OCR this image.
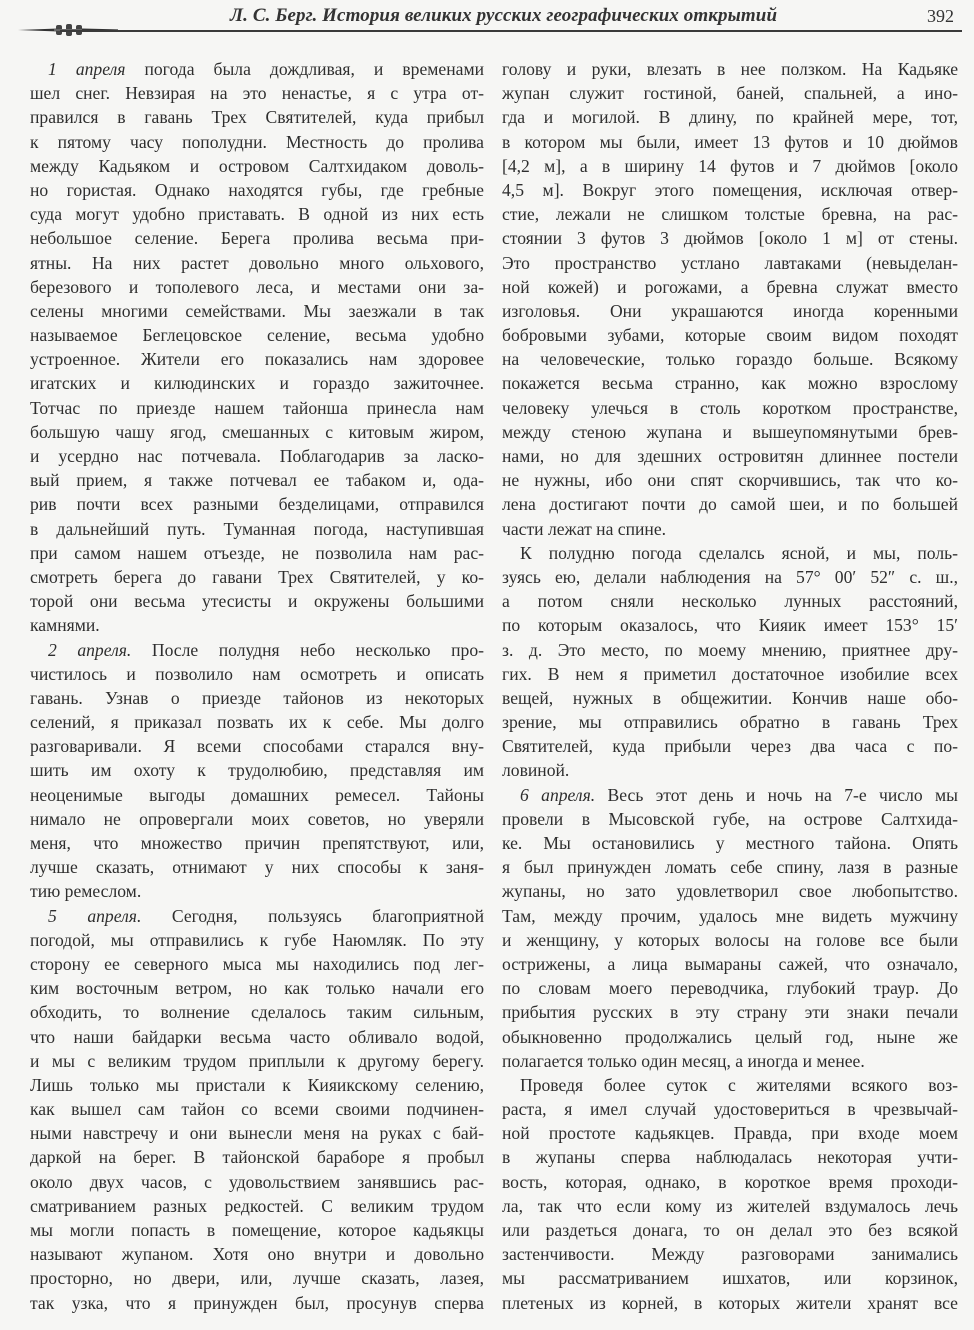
Л. С. Берг. История великих русских географических открытий	392
1 апреля погода была дождливая, и временами
шел снег. Невзирая на это ненастье, я с утра от-
правился в гавань Трех Святителей, куда прибыл
к пятому часу пополудни. Местность до пролива
между Кадьяком и островом Салтхидаком доволь-
но гористая. Однако находятся губы, где гребные
суда могут удобно приставать. В одной из них есть
небольшое селение. Берега пролива весьма при-
ятны. На них растет довольно много ольхового,
березового и тополевого леса, и местами они за-
селены многими семействами. Мы заезжали в так
называемое Беглецовское селение, весьма удобно
устроенное. Жители его показались нам здоровее
игатских и килюдинских и гораздо зажиточнее.
Тотчас по приезде нашем тайонша принесла нам
большую чашу ягод, смешанных с китовым жиром,
и усердно нас потчевала. Поблагодарив за ласко-
вый прием, я также потчевал ее табаком и, ода-
рив почти всех разными безделицами, отправился
в дальнейший путь. Туманная погода, наступившая
при самом нашем отъезде, не позволила нам рас-
смотреть берега до гавани Трех Святителей, у ко-
торой они весьма утесисты и окружены большими
камнями.
2 апреля. После полудня небо несколько про-
чистилось и позволило нам осмотреть и описать
гавань. Узнав о приезде тайонов из некоторых
селений, я приказал позвать их к себе. Мы долго
разговаривали. Я всеми способами старался вну-
шить им охоту к трудолюбию, представляя им
неоценимые выгоды домашних ремесел. Тайоны
нимало не опровергали моих советов, но уверяли
меня, что множество причин препятствуют, или,
лучше сказать, отнимают у них способы к заня-
тию ремеслом.
5 апреля. Сегодня, пользуясь благоприятной
погодой, мы отправились к губе Наюмляк. По эту
сторону ее северного мыса мы находились под лег-
ким восточным ветром, но как только начали его
обходить, то волнение сделалось таким сильным,
что наши байдарки весьма часто обливало водой,
и мы с великим трудом приплыли к другому берегу.
Лишь только мы пристали к Кияикскому селению,
как вышел сам тайон со всеми своими подчинен-
ными навстречу и они вынесли меня на руках с бай-
даркой на берег. В тайонской бараборе я пробыл
около двух часов, с удовольствием занявшись рас-
сматриванием разных редкостей. С великим трудом
мы могли попасть в помещение, которое кадьякцы
называют жупаном. Хотя оно внутри и довольно
просторно, но двери, или, лучше сказать, лазея,
так узка, что я принужден был, просунув сперва
голову и руки, влезать в нее ползком. На Кадьяке
жупан служит гостиной, баней, спальней, а ино-
гда и могилой. В длину, по крайней мере, тот,
в котором мы были, имеет 13 футов и 10 дюймов
[4,2 м], а в ширину 14 футов и 7 дюймов [около
4,5 м]. Вокруг этого помещения, исключая отвер-
стие, лежали не слишком толстые бревна, на рас-
стоянии 3 футов 3 дюймов [около 1 м] от стены.
Это пространство устлано лавтаками (невыделан-
ной кожей) и рогожами, а бревна служат вместо
изголовья. Они украшаются иногда коренными
бобровыми зубами, которые своим видом походят
на человеческие, только гораздо больше. Всякому
покажется весьма странно, как можно взрослому
человеку улечься в столь коротком пространстве,
между стеною жупана и вышеупомянутыми брев-
нами, но для здешних островитян длиннее постели
не нужны, ибо они спят скорчившись, так что ко-
лена достигают почти до самой шеи, и по большей
части лежат на спине.
К полудню погода сделалсь ясной, и мы, поль-
зуясь ею, делали наблюдения на 57° 00′ 52″ с. ш.,
а потом сняли несколько лунных расстояний,
по которым оказалось, что Кияик имеет 153° 15′
з. д. Это место, по моему мнению, приятнее дру-
гих. В нем я приметил достаточное изобилие всех
вещей, нужных в общежитии. Кончив наше обо-
зрение, мы отправились обратно в гавань Трех
Святителей, куда прибыли через два часа с по-
ловиной.
6 апреля. Весь этот день и ночь на 7-е число мы
провели в Мысовской губе, на острове Салтхида-
ке. Мы остановились у местного тайона. Опять
я был принужден ломать себе спину, лазя в разные
жупаны, но зато удовлетворил свое любопытство.
Там, между прочим, удалось мне видеть мужчину
и женщину, у которых волосы на голове все были
острижены, а лица вымараны сажей, что означало,
по словам моего переводчика, глубокий траур. До
прибытия русских в эту страну эти знаки печали
обыкновенно продолжались целый год, ныне же
полагается только один месяц, а иногда и менее.
Проведя более суток с жителями всякого воз-
раста, я имел случай удостовериться в чрезвычай-
ной простоте кадьякцев. Правда, при входе моем
в жупаны сперва наблюдалась некоторая учти-
вость, которая, однако, в короткое время проходи-
ла, так что если кому из жителей вздумалось лечь
или раздеться донага, то он делал это без всякой
застенчивости. Между разговорами занимались
мы рассматриванием ишхатов, или корзинок,
плетеных из корней, в которых жители хранят все
